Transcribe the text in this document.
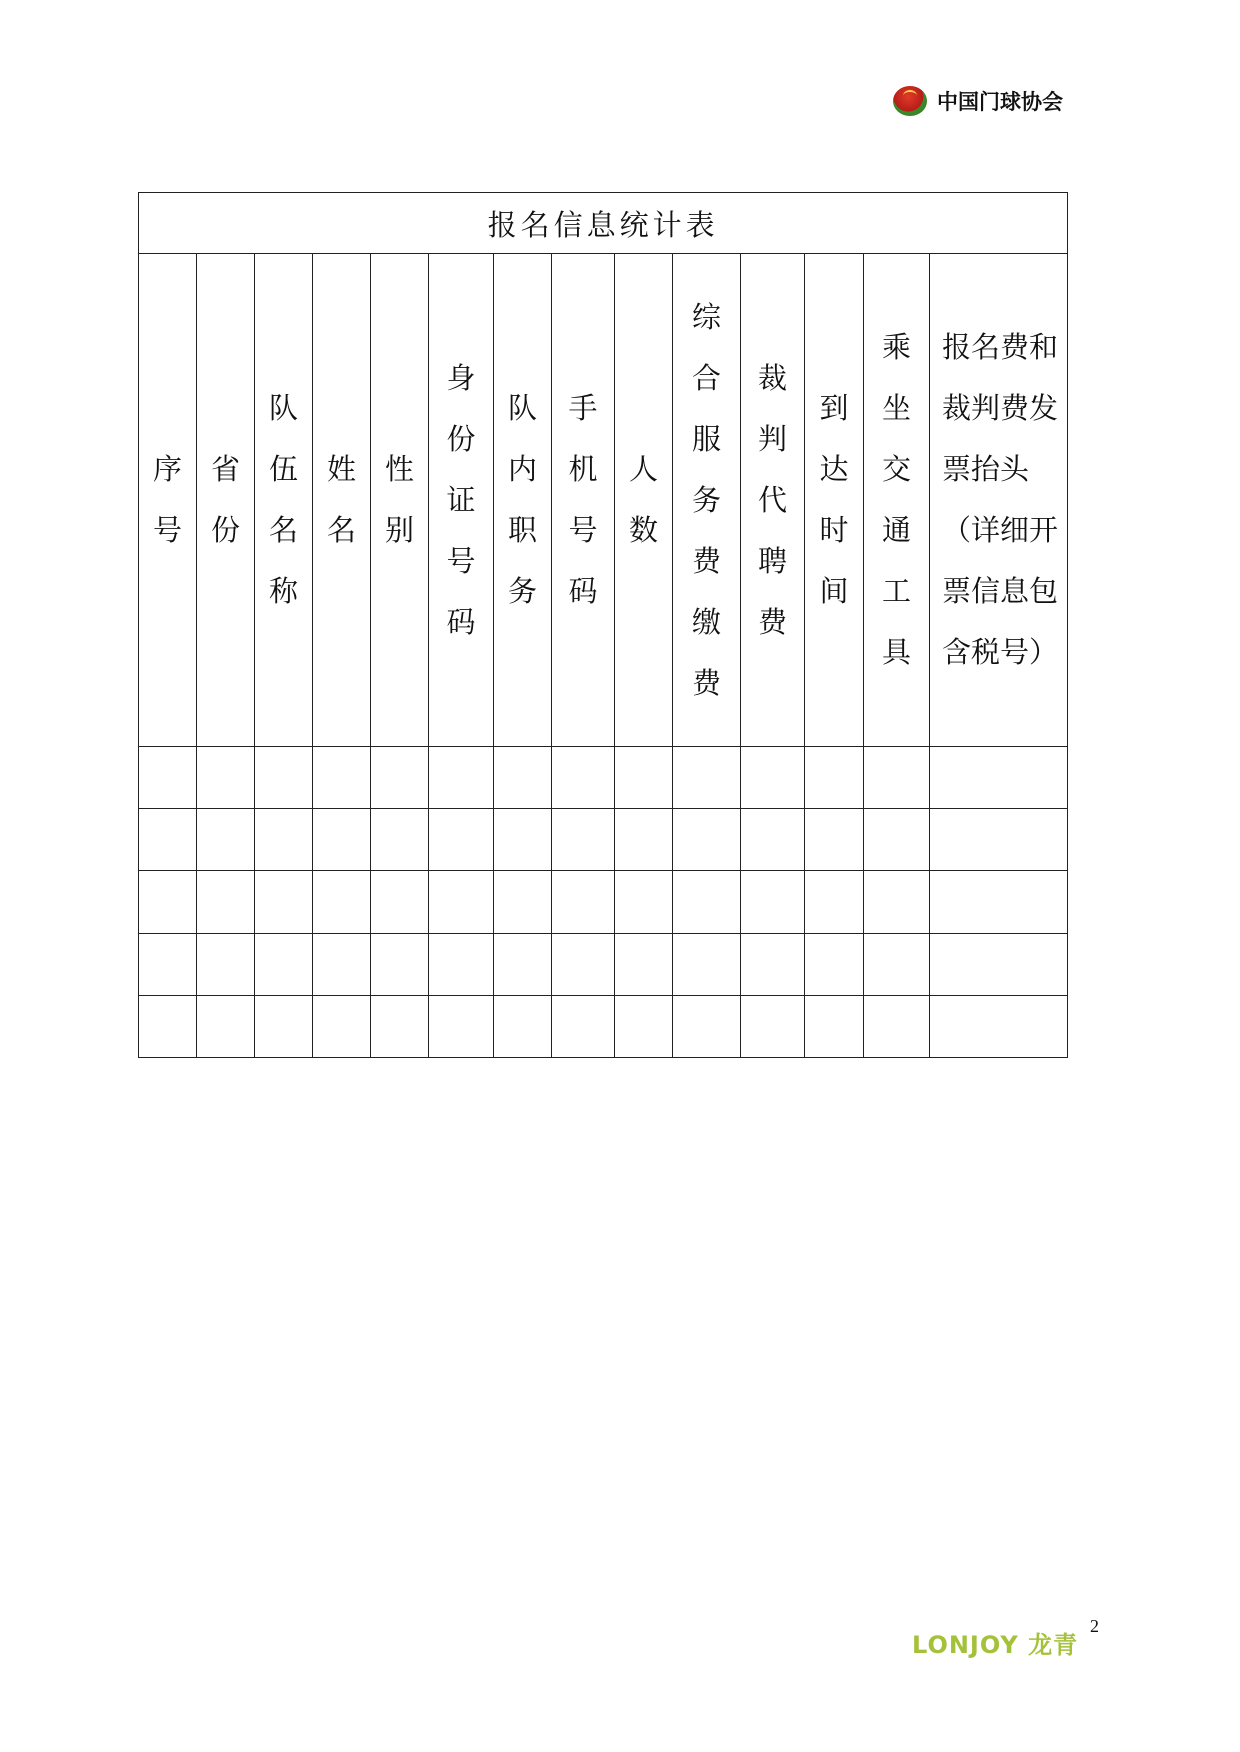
中国门球协会
报名信息统计表													
序号	省份	队伍名称	姓名	性别	身份证号码	队内职务	手机号码	人数	综合服务费缴费	裁判代聘费	到达时间	乘坐交通工具	报名费和裁判费发票抬头（详细开票信息包含税号）

LONJOY 龙青
2
